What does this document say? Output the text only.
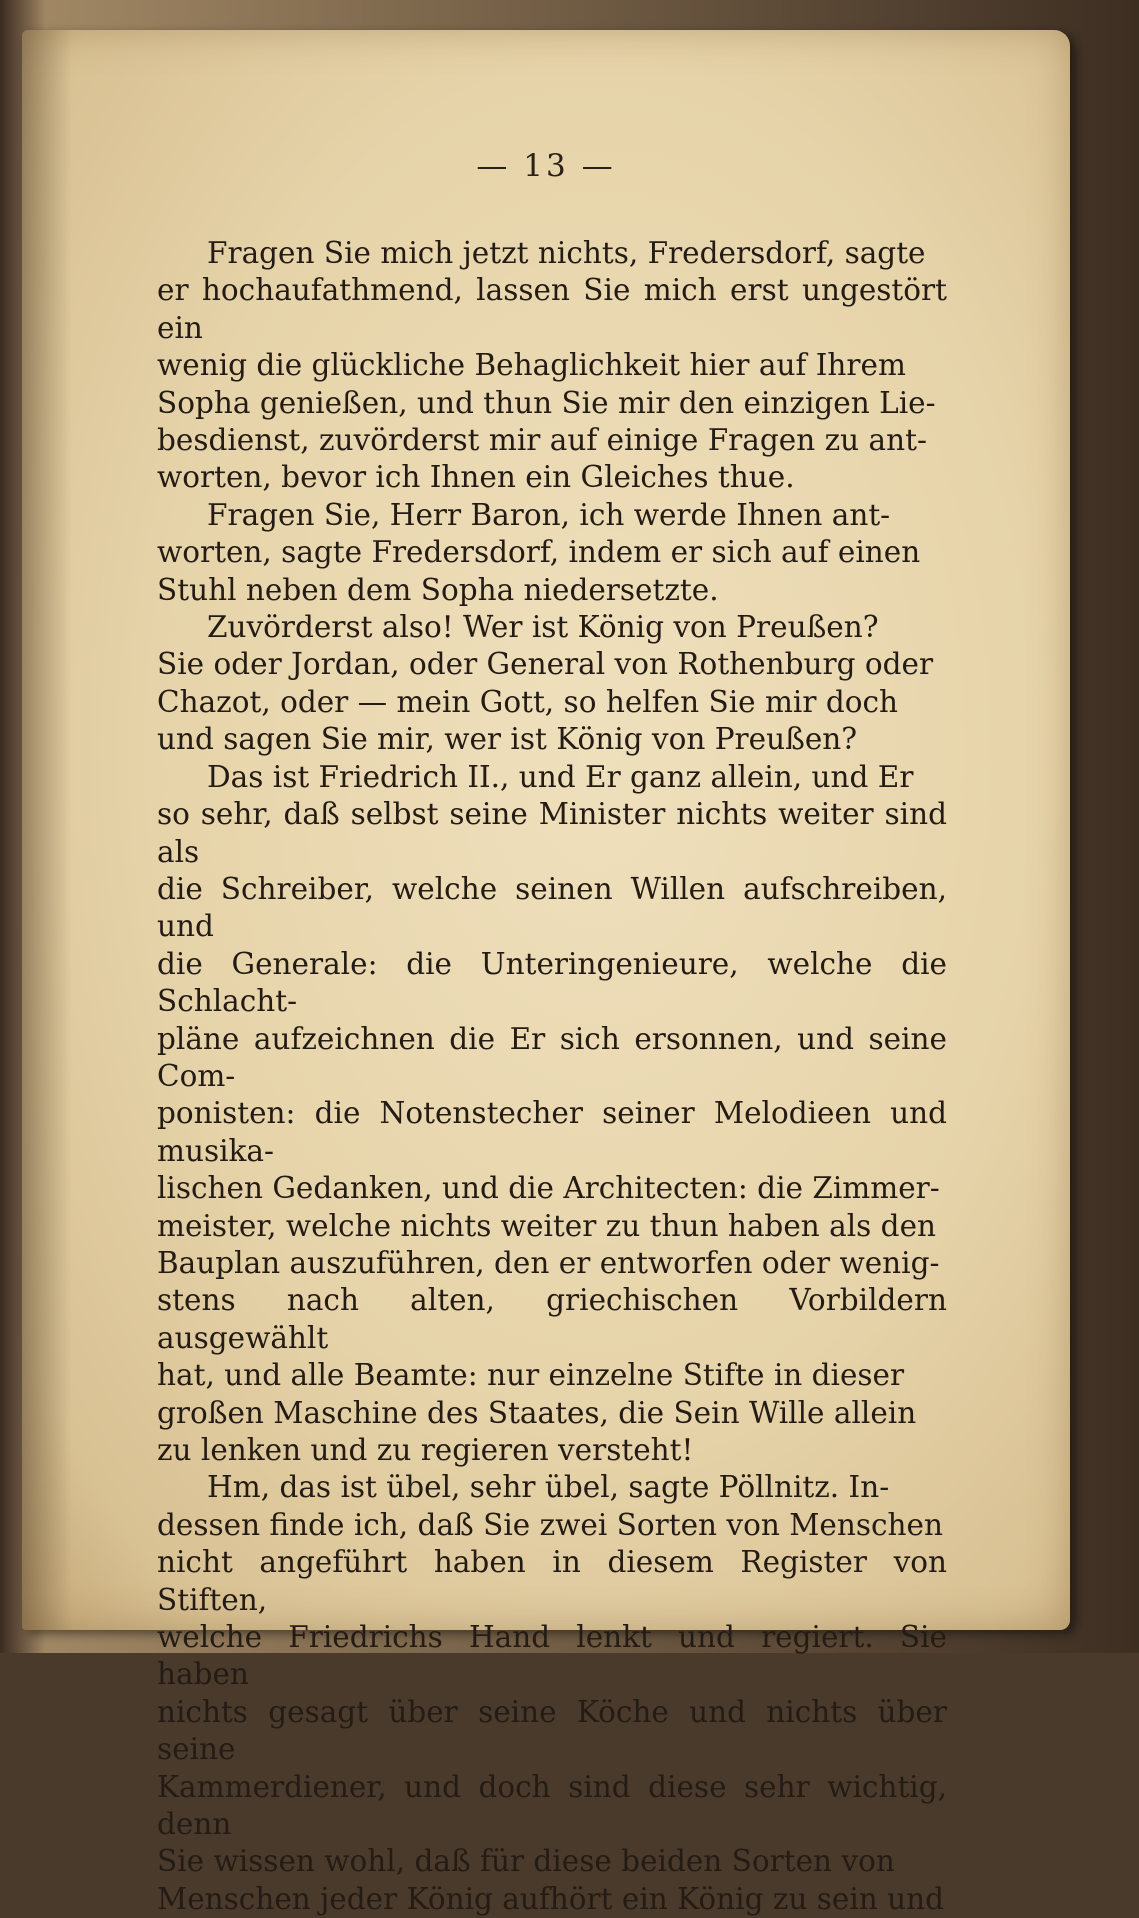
— 13 —

Fragen Sie mich jetzt nichts, Fredersdorf, sagte
er hochaufathmend, lassen Sie mich erst ungestört ein
wenig die glückliche Behaglichkeit hier auf Ihrem
Sopha genießen, und thun Sie mir den einzigen Lie-
besdienst, zuvörderst mir auf einige Fragen zu ant-
worten, bevor ich Ihnen ein Gleiches thue.

Fragen Sie, Herr Baron, ich werde Ihnen ant-
worten, sagte Fredersdorf, indem er sich auf einen
Stuhl neben dem Sopha niedersetzte.

Zuvörderst also! Wer ist König von Preußen?
Sie oder Jordan, oder General von Rothenburg oder
Chazot, oder — mein Gott, so helfen Sie mir doch
und sagen Sie mir, wer ist König von Preußen?

Das ist Friedrich II., und Er ganz allein, und Er
so sehr, daß selbst seine Minister nichts weiter sind als
die Schreiber, welche seinen Willen aufschreiben, und
die Generale: die Unteringenieure, welche die Schlacht-
pläne aufzeichnen die Er sich ersonnen, und seine Com-
ponisten: die Notenstecher seiner Melodieen und musika-
lischen Gedanken, und die Architecten: die Zimmer-
meister, welche nichts weiter zu thun haben als den
Bauplan auszuführen, den er entworfen oder wenig-
stens nach alten, griechischen Vorbildern ausgewählt
hat, und alle Beamte: nur einzelne Stifte in dieser
großen Maschine des Staates, die Sein Wille allein
zu lenken und zu regieren versteht!

Hm, das ist übel, sehr übel, sagte Pöllnitz. In-
dessen finde ich, daß Sie zwei Sorten von Menschen
nicht angeführt haben in diesem Register von Stiften,
welche Friedrichs Hand lenkt und regiert. Sie haben
nichts gesagt über seine Köche und nichts über seine
Kammerdiener, und doch sind diese sehr wichtig, denn
Sie wissen wohl, daß für diese beiden Sorten von
Menschen jeder König aufhört ein König zu sein und
